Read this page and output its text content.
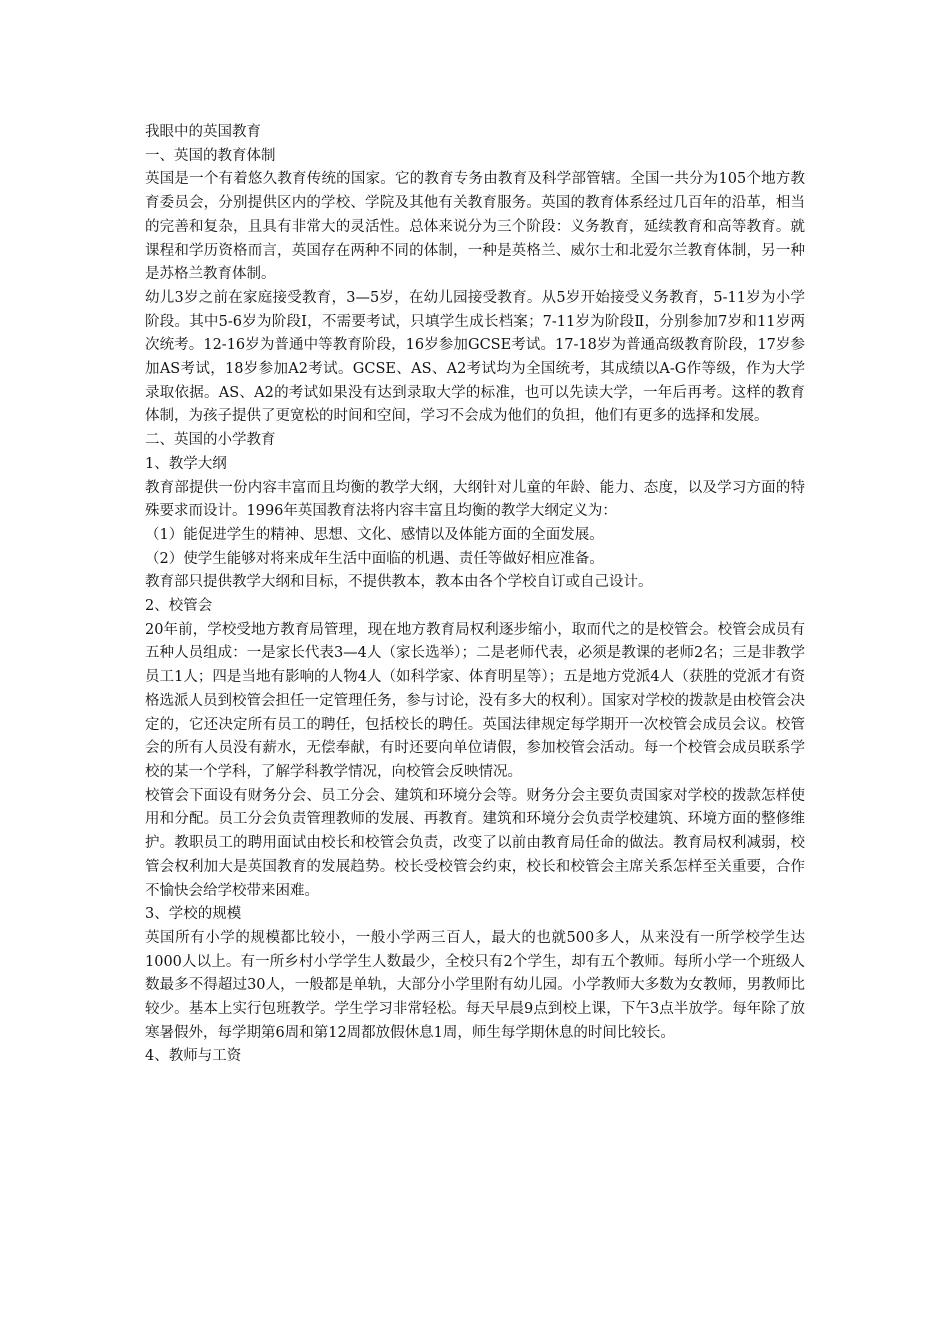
我眼中的英国教育

一、英国的教育体制

英国是一个有着悠久教育传统的国家。它的教育专务由教育及科学部管辖。全国一共分为105个地方教育委员会，分别提供区内的学校、学院及其他有关教育服务。英国的教育体系经过几百年的沿革，相当的完善和复杂，且具有非常大的灵活性。总体来说分为三个阶段：义务教育，延续教育和高等教育。就课程和学历资格而言，英国存在两种不同的体制，一种是英格兰、威尔士和北爱尔兰教育体制，另一种是苏格兰教育体制。

幼儿3岁之前在家庭接受教育，3—5岁，在幼儿园接受教育。从5岁开始接受义务教育，5-11岁为小学阶段。其中5-6岁为阶段Ⅰ，不需要考试，只填学生成长档案；7-11岁为阶段Ⅱ，分别参加7岁和11岁两次统考。12-16岁为普通中等教育阶段，16岁参加GCSE考试。17-18岁为普通高级教育阶段，17岁参加AS考试，18岁参加A2考试。GCSE、AS、A2考试均为全国统考，其成绩以A-G作等级，作为大学录取依据。AS、A2的考试如果没有达到录取大学的标准，也可以先读大学，一年后再考。这样的教育体制，为孩子提供了更宽松的时间和空间，学习不会成为他们的负担，他们有更多的选择和发展。

二、英国的小学教育

1、教学大纲

教育部提供一份内容丰富而且均衡的教学大纲，大纲针对儿童的年龄、能力、态度，以及学习方面的特殊要求而设计。1996年英国教育法将内容丰富且均衡的教学大纲定义为：

（1）能促进学生的精神、思想、文化、感情以及体能方面的全面发展。

（2）使学生能够对将来成年生活中面临的机遇、责任等做好相应准备。

教育部只提供教学大纲和目标，不提供教本，教本由各个学校自订或自己设计。

2、校管会

20年前，学校受地方教育局管理，现在地方教育局权利逐步缩小，取而代之的是校管会。校管会成员有五种人员组成：一是家长代表3—4人（家长选举）；二是老师代表，必须是教课的老师2名；三是非教学员工1人；四是当地有影响的人物4人（如科学家、体育明星等）；五是地方党派4人（获胜的党派才有资格选派人员到校管会担任一定管理任务，参与讨论，没有多大的权利）。国家对学校的拨款是由校管会决定的，它还决定所有员工的聘任，包括校长的聘任。英国法律规定每学期开一次校管会成员会议。校管会的所有人员没有薪水，无偿奉献，有时还要向单位请假，参加校管会活动。每一个校管会成员联系学校的某一个学科，了解学科教学情况，向校管会反映情况。

校管会下面设有财务分会、员工分会、建筑和环境分会等。财务分会主要负责国家对学校的拨款怎样使用和分配。员工分会负责管理教师的发展、再教育。建筑和环境分会负责学校建筑、环境方面的整修维护。教职员工的聘用面试由校长和校管会负责，改变了以前由教育局任命的做法。教育局权利减弱，校管会权利加大是英国教育的发展趋势。校长受校管会约束，校长和校管会主席关系怎样至关重要，合作不愉快会给学校带来困难。

3、学校的规模

英国所有小学的规模都比较小，一般小学两三百人，最大的也就500多人，从来没有一所学校学生达1000人以上。有一所乡村小学学生人数最少，全校只有2个学生，却有五个教师。每所小学一个班级人数最多不得超过30人，一般都是单轨，大部分小学里附有幼儿园。小学教师大多数为女教师，男教师比较少。基本上实行包班教学。学生学习非常轻松。每天早晨9点到校上课，下午3点半放学。每年除了放寒暑假外，每学期第6周和第12周都放假休息1周，师生每学期休息的时间比较长。

4、教师与工资
